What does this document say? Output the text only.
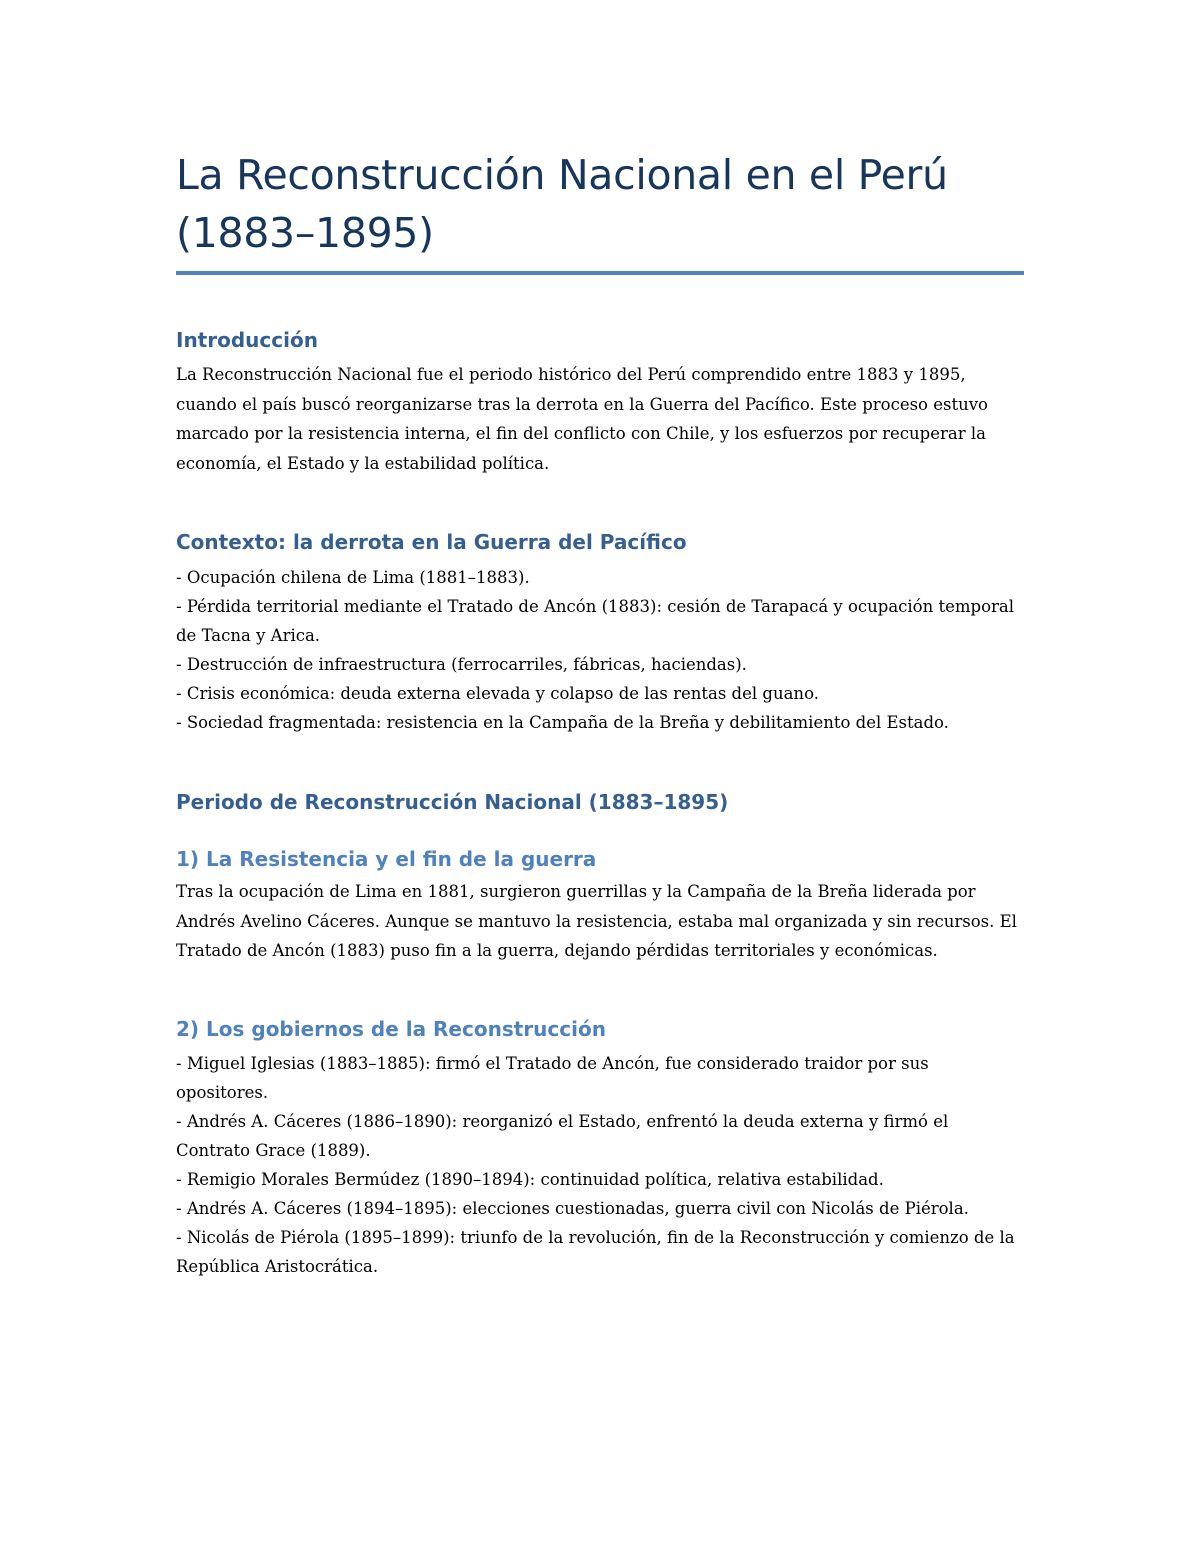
La Reconstrucción Nacional en el Perú (1883–1895)
Introducción

La Reconstrucción Nacional fue el periodo histórico del Perú comprendido entre 1883 y 1895, cuando el país buscó reorganizarse tras la derrota en la Guerra del Pacífico. Este proceso estuvo marcado por la resistencia interna, el fin del conflicto con Chile, y los esfuerzos por recuperar la economía, el Estado y la estabilidad política.

Contexto: la derrota en la Guerra del Pacífico
- Ocupación chilena de Lima (1881–1883).
- Pérdida territorial mediante el Tratado de Ancón (1883): cesión de Tarapacá y ocupación temporal de Tacna y Arica.
- Destrucción de infraestructura (ferrocarriles, fábricas, haciendas).
- Crisis económica: deuda externa elevada y colapso de las rentas del guano.
- Sociedad fragmentada: resistencia en la Campaña de la Breña y debilitamiento del Estado.
Periodo de Reconstrucción Nacional (1883–1895)
1) La Resistencia y el fin de la guerra

Tras la ocupación de Lima en 1881, surgieron guerrillas y la Campaña de la Breña liderada por Andrés Avelino Cáceres. Aunque se mantuvo la resistencia, estaba mal organizada y sin recursos. El Tratado de Ancón (1883) puso fin a la guerra, dejando pérdidas territoriales y económicas.

2) Los gobiernos de la Reconstrucción
- Miguel Iglesias (1883–1885): firmó el Tratado de Ancón, fue considerado traidor por sus opositores.
- Andrés A. Cáceres (1886–1890): reorganizó el Estado, enfrentó la deuda externa y firmó el Contrato Grace (1889).
- Remigio Morales Bermúdez (1890–1894): continuidad política, relativa estabilidad.
- Andrés A. Cáceres (1894–1895): elecciones cuestionadas, guerra civil con Nicolás de Piérola.
- Nicolás de Piérola (1895–1899): triunfo de la revolución, fin de la Reconstrucción y comienzo de la República Aristocrática.
